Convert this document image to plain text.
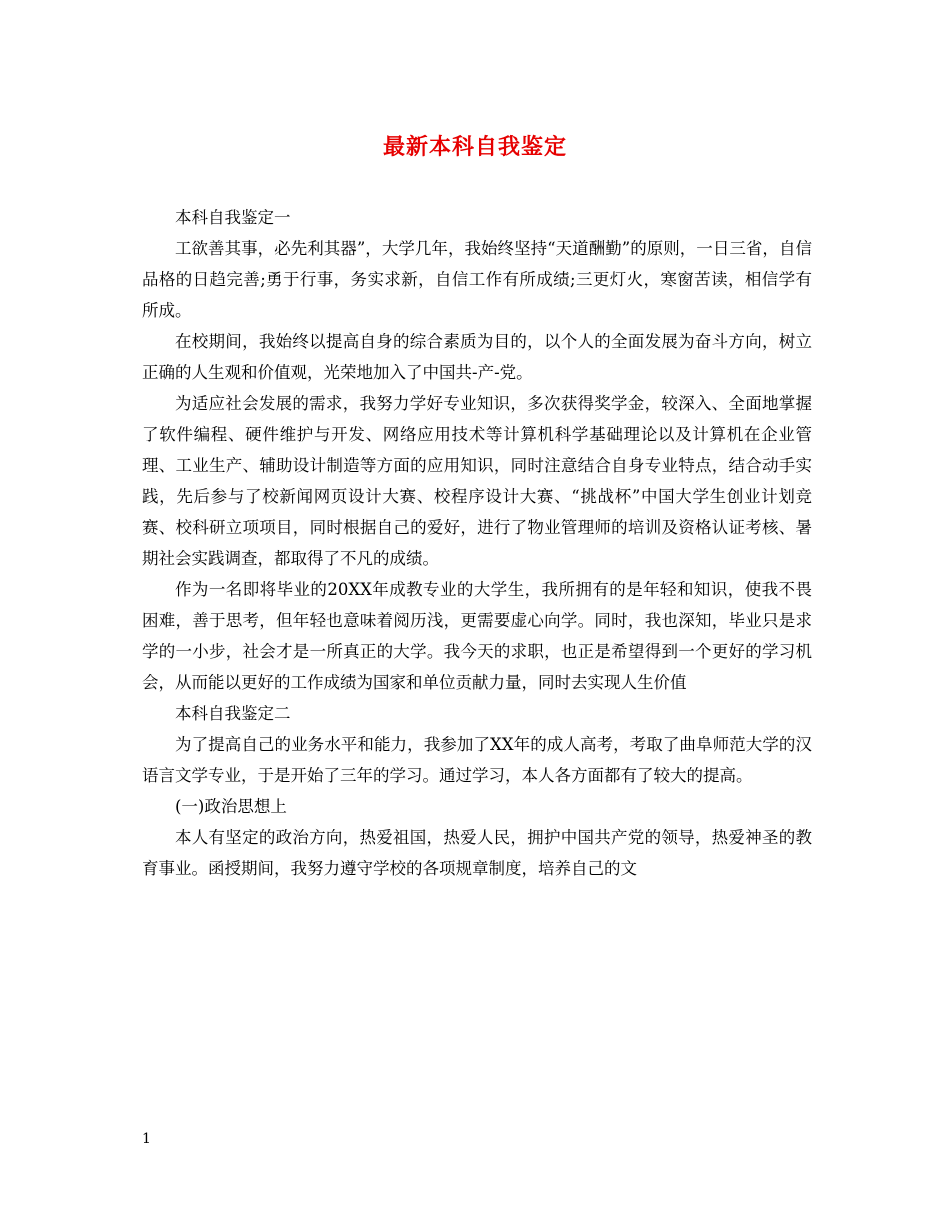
最新本科自我鉴定

本科自我鉴定一

工欲善其事，必先利其器”，大学几年，我始终坚持“天道酬勤”的原则，一日三省，自信品格的日趋完善;勇于行事，务实求新，自信工作有所成绩;三更灯火，寒窗苦读，相信学有所成。

在校期间，我始终以提高自身的综合素质为目的，以个人的全面发展为奋斗方向，树立正确的人生观和价值观，光荣地加入了中国共-产-党。

为适应社会发展的需求，我努力学好专业知识，多次获得奖学金，较深入、全面地掌握了软件编程、硬件维护与开发、网络应用技术等计算机科学基础理论以及计算机在企业管理、工业生产、辅助设计制造等方面的应用知识，同时注意结合自身专业特点，结合动手实践，先后参与了校新闻网页设计大赛、校程序设计大赛、“挑战杯”中国大学生创业计划竞赛、校科研立项项目，同时根据自己的爱好，进行了物业管理师的培训及资格认证考核、暑期社会实践调查，都取得了不凡的成绩。

作为一名即将毕业的20XX年成教专业的大学生，我所拥有的是年轻和知识，使我不畏困难，善于思考，但年轻也意味着阅历浅，更需要虚心向学。同时，我也深知，毕业只是求学的一小步，社会才是一所真正的大学。我今天的求职，也正是希望得到一个更好的学习机会，从而能以更好的工作成绩为国家和单位贡献力量，同时去实现人生价值

本科自我鉴定二

为了提高自己的业务水平和能力，我参加了XX年的成人高考，考取了曲阜师范大学的汉语言文学专业，于是开始了三年的学习。通过学习，本人各方面都有了较大的提高。

(一)政治思想上

本人有坚定的政治方向，热爱祖国，热爱人民，拥护中国共产党的领导，热爱神圣的教育事业。函授期间，我努力遵守学校的各项规章制度，培养自己的文

1
